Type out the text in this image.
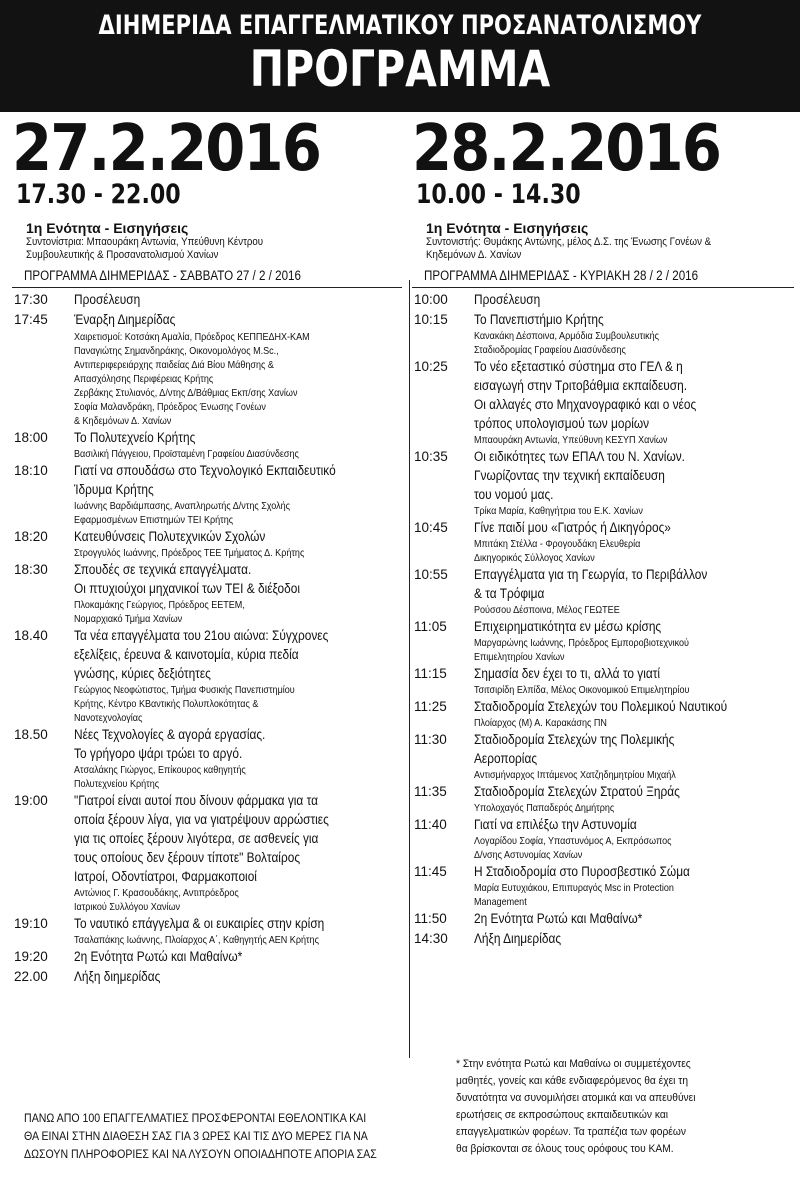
ΔΙΗΜΕΡΙΔΑ ΕΠΑΓΓΕΛΜΑΤΙΚΟΥ ΠΡΟΣΑΝΑΤΟΛΙΣΜΟΥ
ΠΡΟΓΡΑΜΜΑ
27.2.2016
17.30 - 22.00
1η Ενότητα - Εισηγήσεις
Συντονίστρια: Μπαουράκη Αντωνία, Υπεύθυνη Κέντρου
Συμβουλευτικής & Προσανατολισμού Χανίων
ΠΡΟΓΡΑΜΜΑ ΔΙΗΜΕΡΙΔΑΣ - ΣΑΒΒΑΤΟ 27 / 2 / 2016
17:30 Προσέλευση
17:45 Έναρξη Διημερίδας
Χαιρετισμοί: Κοτσάκη Αμαλία, Πρόεδρος ΚΕΠΠΕΔΗΧ-ΚΑΜ
Παναγιώτης Σημανδηράκης, Οικονομολόγος M.Sc.,
Αντιπεριφερειάρχης παιδείας Διά Βίου Μάθησης &
Απασχόλησης Περιφέρειας Κρήτης
Ζερβάκης Στυλιανός, Δ/ντης Δ/Βάθμιας Εκπ/σης Χανίων
Σοφία Μαλανδράκη, Πρόεδρος Ένωσης Γονέων
& Κηδεμόνων Δ. Χανίων
18:00 Το Πολυτεχνείο Κρήτης
Βασιλική Πάγγειου, Προϊσταμένη Γραφείου Διασύνδεσης
18:10 Γιατί να σπουδάσω στο Τεχνολογικό Εκπαιδευτικό
Ίδρυμα Κρήτης
Ιωάννης Βαρδιάμπασης, Αναπληρωτής Δ/ντης Σχολής
Εφαρμοσμένων Επιστημών ΤΕΙ Κρήτης
18:20 Κατευθύνσεις Πολυτεχνικών Σχολών
Στρογγυλός Ιωάννης, Πρόεδρος ΤΕΕ Τμήματος Δ. Κρήτης
18:30 Σπουδές σε τεχνικά επαγγέλματα.
Οι πτυχιούχοι μηχανικοί των ΤΕΙ & διέξοδοι
Πλοκαμάκης Γεώργιος, Πρόεδρος ΕΕΤΕΜ,
Νομαρχιακό Τμήμα Χανίων
18.40 Τα νέα επαγγέλματα του 21ου αιώνα: Σύγχρονες
εξελίξεις, έρευνα & καινοτομία, κύρια πεδία
γνώσης, κύριες δεξιότητες
Γεώργιος Νεοφώτιστος, Τμήμα Φυσικής Πανεπιστημίου
Κρήτης, Κέντρο ΚΒαντικής Πολυπλοκότητας &
Νανοτεχνολογίας
18.50 Νέες Τεχνολογίες & αγορά εργασίας.
Το γρήγορο ψάρι τρώει το αργό.
Ατσαλάκης Γιώργος, Επίκουρος καθηγητής
Πολυτεχνείου Κρήτης
19:00 "Γιατροί είναι αυτοί που δίνουν φάρμακα για τα
οποία ξέρουν λίγα, για να γιατρέψουν αρρώστιες
για τις οποίες ξέρουν λιγότερα, σε ασθενείς για
τους οποίους δεν ξέρουν τίποτε" Βολταίρος
Ιατροί, Οδοντίατροι, Φαρμακοποιοί
Αντώνιος Γ. Κρασουδάκης, Αντιπρόεδρος
Ιατρικού Συλλόγου Χανίων
19:10 Το ναυτικό επάγγελμα & οι ευκαιρίες στην κρίση
Τσαλαπάκης Ιωάννης, Πλοίαρχος Α΄, Καθηγητής ΑΕΝ Κρήτης
19:20 2η Ενότητα Ρωτώ και Μαθαίνω*
22.00 Λήξη διημερίδας
28.2.2016
10.00 - 14.30
1η Ενότητα - Εισηγήσεις
Συντονιστής: Θυμάκης Αντώνης, μέλος Δ.Σ. της Ένωσης Γονέων &
Κηδεμόνων Δ. Χανίων
ΠΡΟΓΡΑΜΜΑ ΔΙΗΜΕΡΙΔΑΣ - ΚΥΡΙΑΚΗ 28 / 2 / 2016
10:00 Προσέλευση
10:15 Το Πανεπιστήμιο Κρήτης
Κανακάκη Δέσποινα, Αρμόδια Συμβουλευτικής
Σταδιοδρομίας Γραφείου Διασύνδεσης
10:25 Το νέο εξεταστικό σύστημα στο ΓΕΛ & η
εισαγωγή στην Τριτοβάθμια εκπαίδευση.
Οι αλλαγές στο Μηχανογραφικό και ο νέος
τρόπος υπολογισμού των μορίων
Μπαουράκη Αντωνία, Υπεύθυνη ΚΕΣΥΠ Χανίων
10:35 Οι ειδικότητες των ΕΠΑΛ του Ν. Χανίων.
Γνωρίζοντας την τεχνική εκπαίδευση
του νομού μας.
Τρίκα Μαρία, Καθηγήτρια του Ε.Κ. Χανίων
10:45 Γίνε παιδί μου «Γιατρός ή Δικηγόρος»
Μπιτάκη Στέλλα - Φρογουδάκη Ελευθερία
Δικηγορικός Σύλλογος Χανίων
10:55 Επαγγέλματα για τη Γεωργία, το Περιβάλλον
& τα Τρόφιμα
Ρούσσου Δέσποινα, Μέλος ΓΕΩΤΕΕ
11:05 Επιχειρηματικότητα εν μέσω κρίσης
Μαργαρώνης Ιωάννης, Πρόεδρος Εμποροβιοτεχνικού
Επιμελητηρίου Χανίων
11:15 Σημασία δεν έχει το τι, αλλά το γιατί
Τσιτσιρίδη Ελπίδα, Μέλος Οικονομικού Επιμελητηρίου
11:25 Σταδιοδρομία Στελεχών του Πολεμικού Ναυτικού
Πλοίαρχος (Μ) Α. Καρακάσης ΠΝ
11:30 Σταδιοδρομία Στελεχών της Πολεμικής
Αεροπορίας
Αντισμήναρχος Ιπτάμενος Χατζηδημητρίου Μιχαήλ
11:35 Σταδιοδρομία Στελεχών Στρατού Ξηράς
Υπολοχαγός Παπαδερός Δημήτρης
11:40 Γιατί να επιλέξω την Αστυνομία
Λογαρίδου Σοφία, Υπαστυνόμος Α, Εκπρόσωπος
Δ/νσης Αστυνομίας Χανίων
11:45 Η Σταδιοδρομία στο Πυροσβεστικό Σώμα
Μαρία Ευτυχιάκου, Επιπυραγός Msc in Protection
Management
11:50 2η Ενότητα Ρωτώ και Μαθαίνω*
14:30 Λήξη Διημερίδας
ΠΑΝΩ ΑΠΟ 100 ΕΠΑΓΓΕΛΜΑΤΙΕΣ ΠΡΟΣΦΕΡΟΝΤΑΙ ΕΘΕΛΟΝΤΙΚΑ ΚΑΙ
ΘΑ ΕΙΝΑΙ ΣΤΗΝ ΔΙΑΘΕΣΗ ΣΑΣ ΓΙΑ 3 ΩΡΕΣ ΚΑΙ ΤΙΣ ΔΥΟ ΜΕΡΕΣ ΓΙΑ ΝΑ
ΔΩΣΟΥΝ ΠΛΗΡΟΦΟΡΙΕΣ ΚΑΙ ΝΑ ΛΥΣΟΥΝ ΟΠΟΙΑΔΗΠΟΤΕ ΑΠΟΡΙΑ ΣΑΣ
* Στην ενότητα Ρωτώ και Μαθαίνω οι συμμετέχοντες
μαθητές, γονείς και κάθε ενδιαφερόμενος θα έχει τη
δυνατότητα να συνομιλήσει ατομικά και να απευθύνει
ερωτήσεις σε εκπροσώπους εκπαιδευτικών και
επαγγελματικών φορέων. Τα τραπέζια των φορέων
θα βρίσκονται σε όλους τους ορόφους του ΚΑΜ.
